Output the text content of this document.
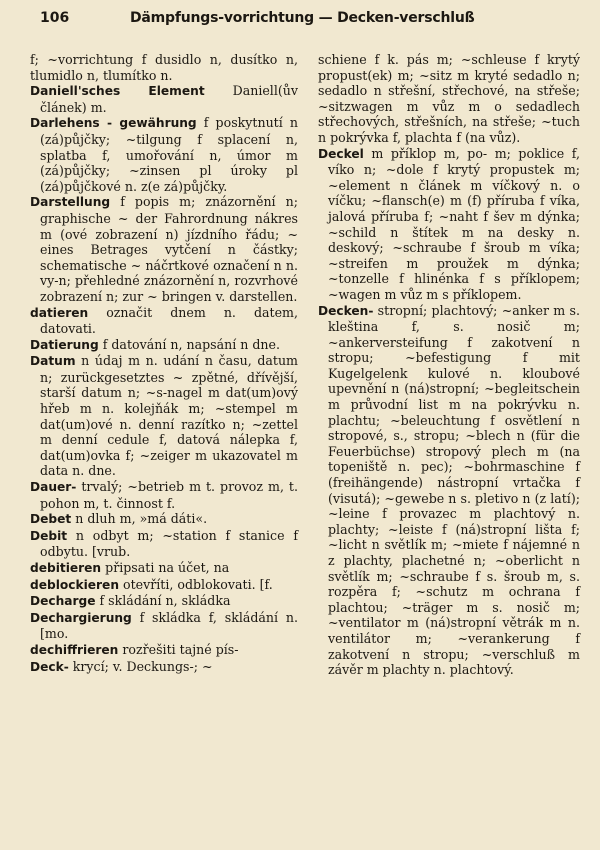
106	Dämpfungs-vorrichtung — Decken-verschluß

f; ~vorrichtung f dusidlo n, dusítko n, tlumidlo n, tlumítko n.

Daniell'sches Element Daniell(ův článek) m.

Darlehens - gewährung f poskytnutí n (zá)půjčky; ~tilgung f splacení n, splatba f, umořování n, úmor m (zá)půjčky; ~zinsen pl úroky pl (zá)půjčkové n. z(e zá)půjčky.

Darstellung f popis m; znázornění n; graphische ~ der Fahrordnung nákres m (ové zobrazení n) jízdního řádu; ~ eines Betrages vytčení n částky; schematische ~ náčrtkové označení n n. vy-n; přehledné znázornění n, rozvrhové zobrazení n; zur ~ bringen v. darstellen.

datieren označit dnem n. datem, datovati.

Datierung f datování n, napsání n dne.

Datum n údaj m n. udání n času, datum n; zurückgesetztes ~ zpětné, dřívější, starší datum n; ~s-nagel m dat(um)ový hřeb m n. kolejňák m; ~stempel m dat(um)ové n. denní razítko n; ~zettel m denní cedule f, datová nálepka f, dat(um)ovka f; ~zeiger m ukazovatel m data n. dne.

Dauer- trvalý; ~betrieb m t. provoz m, t. pohon m, t. činnost f.

Debet n dluh m, »má dáti«.

Debit n odbyt m; ~station f stanice f odbytu. [vrub.

debitieren připsati na účet, na

deblockieren otevříti, odblokovati. [f.

Decharge f skládání n, skládka

Dechargierung f skládka f, skládání n. [mo.

dechiffrieren rozřešiti tajné pís-

Deck- krycí; v. Deckungs-; ~

schiene f k. pás m; ~schleuse f krytý propust(ek) m; ~sitz m kryté sedadlo n; sedadlo n střešní, střechové, na střeše; ~sitzwagen m vůz m o sedadlech střechových, střešních, na střeše; ~tuch n pokrývka f, plachta f (na vůz).

Deckel m příklop m, po- m; poklice f, víko n; ~dole f krytý propustek m; ~element n článek m víčkový n. o víčku; ~flansch(e) m (f) příruba f víka, jalová příruba f; ~naht f šev m dýnka; ~schild n štítek m na desky n. deskový; ~schraube f šroub m víka; ~streifen m proužek m dýnka; ~tonzelle f hlinénka f s příklopem; ~wagen m vůz m s příklopem.

Decken- stropní; plachtový; ~anker m s. kleština f, s. nosič m; ~ankerversteifung f zakotvení n stropu; ~befestigung f mit Kugelgelenk kulové n. kloubové upevnění n (ná)stropní; ~begleitschein m průvodní list m na pokrývku n. plachtu; ~beleuchtung f osvětlení n stropové, s., stropu; ~blech n (für die Feuerbüchse) stropový plech m (na topeniště n. pec); ~bohrmaschine f (freihängende) nástropní vrtačka f (visutá); ~gewebe n s. pletivo n (z latí); ~leine f provazec m plachtový n. plachty; ~leiste f (ná)stropní lišta f; ~licht n světlík m; ~miete f nájemné n z plachty, plachetné n; ~oberlicht n světlík m; ~schraube f s. šroub m, s. rozpěra f; ~schutz m ochrana f plachtou; ~träger m s. nosič m; ~ventilator m (ná)stropní větrák m n. ventilátor m; ~verankerung f zakotvení n stropu; ~verschluß m závěr m plachty n. plachtový.
